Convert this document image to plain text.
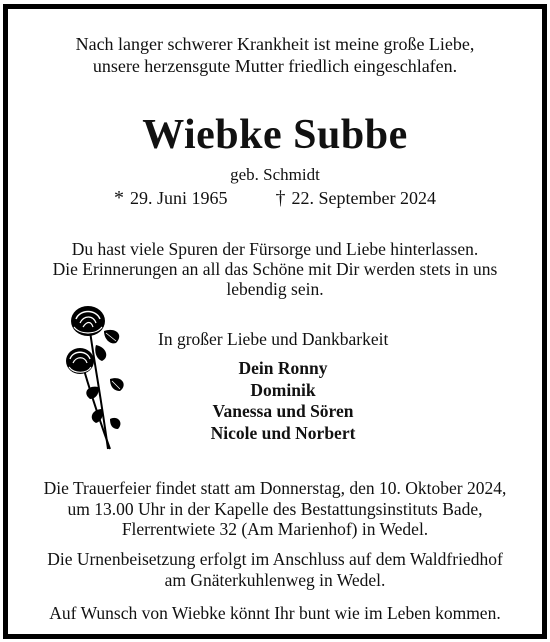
Nach langer schwerer Krankheit ist meine große Liebe,
unsere herzensgute Mutter friedlich eingeschlafen.
Wiebke Subbe
geb. Schmidt
* 29. Juni 1965 † 22. September 2024
Du hast viele Spuren der Fürsorge und Liebe hinterlassen.
Die Erinnerungen an all das Schöne mit Dir werden stets in uns
lebendig sein.
In großer Liebe und Dankbarkeit
Dein Ronny
Dominik
Vanessa und Sören
Nicole und Norbert
Die Trauerfeier findet statt am Donnerstag, den 10. Oktober 2024,
um 13.00 Uhr in der Kapelle des Bestattungsinstituts Bade,
Flerrentwiete 32 (Am Marienhof) in Wedel.
Die Urnenbeisetzung erfolgt im Anschluss auf dem Waldfriedhof
am Gnäterkuhlenweg in Wedel.
Auf Wunsch von Wiebke könnt Ihr bunt wie im Leben kommen.
